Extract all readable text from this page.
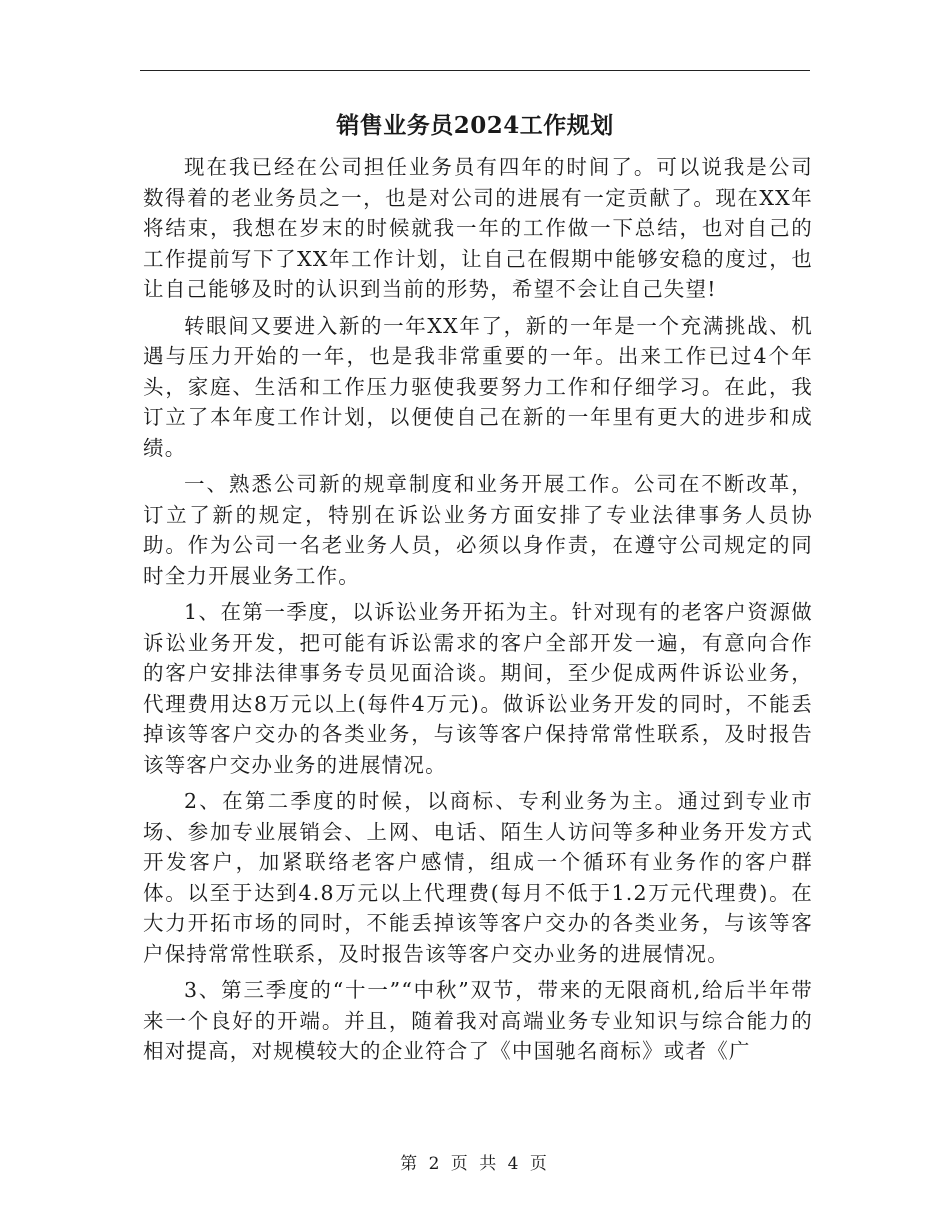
销售业务员2024工作规划

现在我已经在公司担任业务员有四年的时间了。可以说我是公司数得着的老业务员之一，也是对公司的进展有一定贡献了。现在XX年将结束，我想在岁末的时候就我一年的工作做一下总结，也对自己的工作提前写下了XX年工作计划，让自己在假期中能够安稳的度过，也让自己能够及时的认识到当前的形势，希望不会让自己失望!

转眼间又要进入新的一年XX年了，新的一年是一个充满挑战、机遇与压力开始的一年，也是我非常重要的一年。出来工作已过4个年头，家庭、生活和工作压力驱使我要努力工作和仔细学习。在此，我订立了本年度工作计划，以便使自己在新的一年里有更大的进步和成绩。

一、熟悉公司新的规章制度和业务开展工作。公司在不断改革，订立了新的规定，特别在诉讼业务方面安排了专业法律事务人员协助。作为公司一名老业务人员，必须以身作责，在遵守公司规定的同时全力开展业务工作。

1、在第一季度，以诉讼业务开拓为主。针对现有的老客户资源做诉讼业务开发，把可能有诉讼需求的客户全部开发一遍，有意向合作的客户安排法律事务专员见面洽谈。期间，至少促成两件诉讼业务，代理费用达8万元以上(每件4万元)。做诉讼业务开发的同时，不能丢掉该等客户交办的各类业务，与该等客户保持常常性联系，及时报告该等客户交办业务的进展情况。

2、在第二季度的时候，以商标、专利业务为主。通过到专业市场、参加专业展销会、上网、电话、陌生人访问等多种业务开发方式开发客户，加紧联络老客户感情，组成一个循环有业务作的客户群体。以至于达到4.8万元以上代理费(每月不低于1.2万元代理费)。在大力开拓市场的同时，不能丢掉该等客户交办的各类业务，与该等客户保持常常性联系，及时报告该等客户交办业务的进展情况。

3、第三季度的“十一”“中秋”双节，带来的无限商机,给后半年带来一个良好的开端。并且，随着我对高端业务专业知识与综合能力的相对提高，对规模较大的企业符合了《中国驰名商标》或者《广

第 2 页 共 4 页
